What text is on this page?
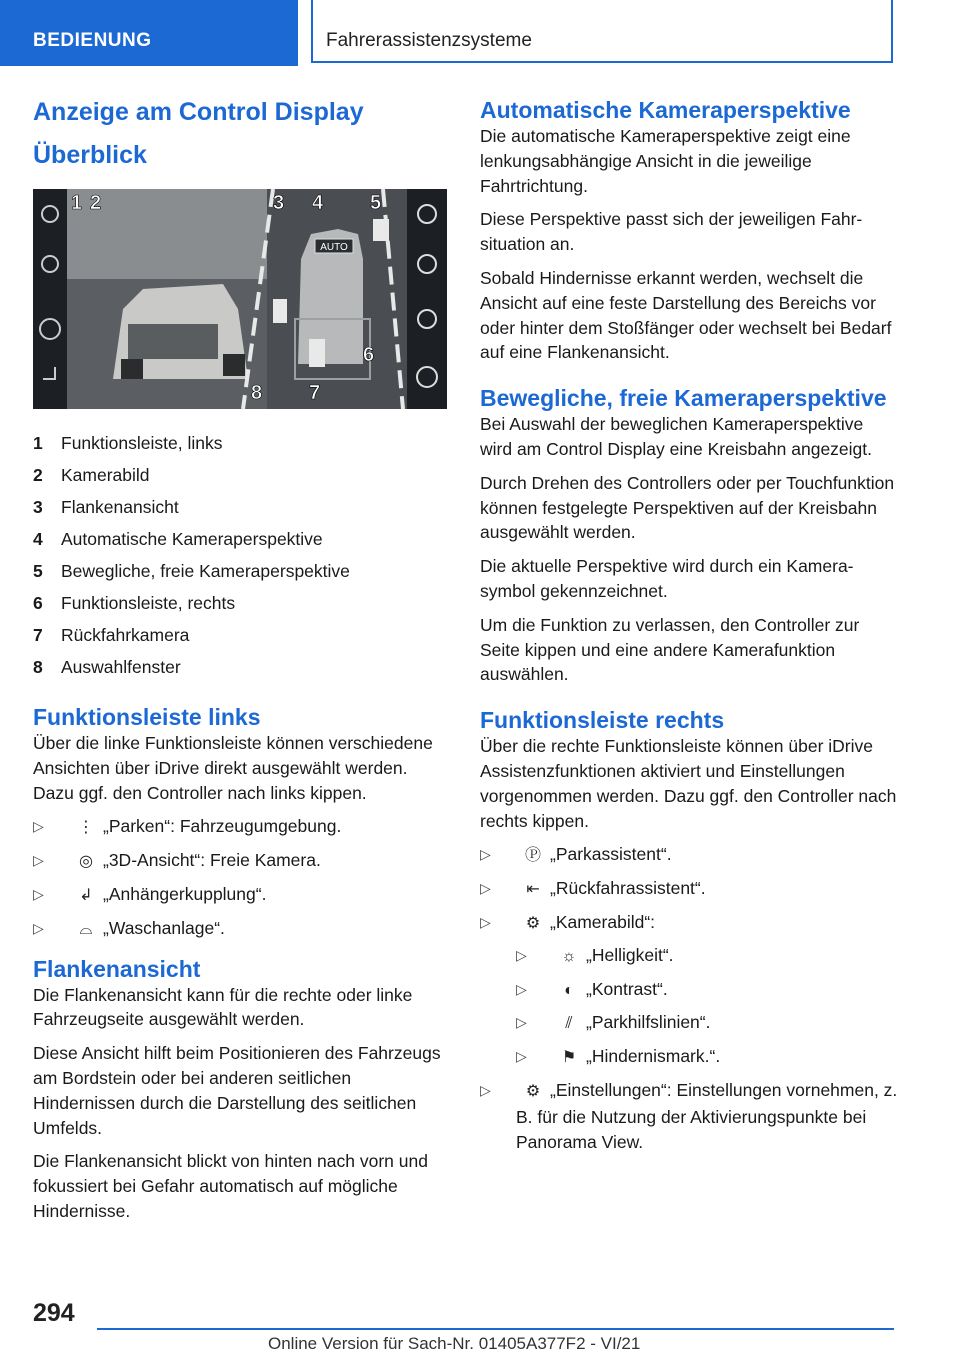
BEDIENUNG	Fahrerassistenzsysteme
Anzeige am Control Display
Überblick
AUTO
1 2	3 4 5
6
7
8
1	Funktionsleiste, links
2	Kamerabild
3	Flankenansicht
4	Automatische Kameraperspektive
5	Bewegliche, freie Kameraperspektive
6	Funktionsleiste, rechts
7	Rückfahrkamera
8	Auswahlfenster
Funktionsleiste links

Über die linke Funktionsleiste können verschiedene Ansichten über iDrive direkt ausgewählt werden. Dazu ggf. den Controller nach links kippen.

▷ ⋮ „Parken“: Fahrzeugumgebung.
▷ ◎ „3D-Ansicht“: Freie Kamera.
▷ ↲ „Anhängerkupplung“.
▷ ⌓ „Waschanlage“.
Flankenansicht

Die Flankenansicht kann für die rechte oder linke Fahrzeugseite ausgewählt werden.

Diese Ansicht hilft beim Positionieren des Fahrzeugs am Bordstein oder bei anderen seitlichen Hindernissen durch die Darstellung des seitlichen Umfelds.

Die Flankenansicht blickt von hinten nach vorn und fokussiert bei Gefahr automatisch auf mögliche Hindernisse.

Automatische Kameraperspektive

Die automatische Kameraperspektive zeigt eine lenkungsabhängige Ansicht in die jeweilige Fahrtrichtung.

Diese Perspektive passt sich der jeweiligen Fahrsituation an.

Sobald Hindernisse erkannt werden, wechselt die Ansicht auf eine feste Darstellung des Bereichs vor oder hinter dem Stoßfänger oder wechselt bei Bedarf auf eine Flankenansicht.

Bewegliche, freie Kameraperspektive

Bei Auswahl der beweglichen Kameraperspektive wird am Control Display eine Kreisbahn angezeigt.

Durch Drehen des Controllers oder per Touchfunktion können festgelegte Perspektiven auf der Kreisbahn ausgewählt werden.

Die aktuelle Perspektive wird durch ein Kamerasymbol gekennzeichnet.

Um die Funktion zu verlassen, den Controller zur Seite kippen und eine andere Kamerafunktion auswählen.

Funktionsleiste rechts

Über die rechte Funktionsleiste können über iDrive Assistenzfunktionen aktiviert und Einstellungen vorgenommen werden. Dazu ggf. den Controller nach rechts kippen.

▷ Ⓟ „Parkassistent“.
▷ ⇤ „Rückfahrassistent“.
▷ ⚙ „Kamerabild“:
▷ ☼ „Helligkeit“.
▷ ◐ „Kontrast“.
▷ ⫽ „Parkhilfslinien“.
▷ ⚑ „Hindernismark.“.
▷ ⚙ „Einstellungen“: Einstellungen vornehmen, z. B. für die Nutzung der Aktivierungspunkte bei Panorama View.
294
Online Version für Sach-Nr. 01405A377F2 - VI/21
